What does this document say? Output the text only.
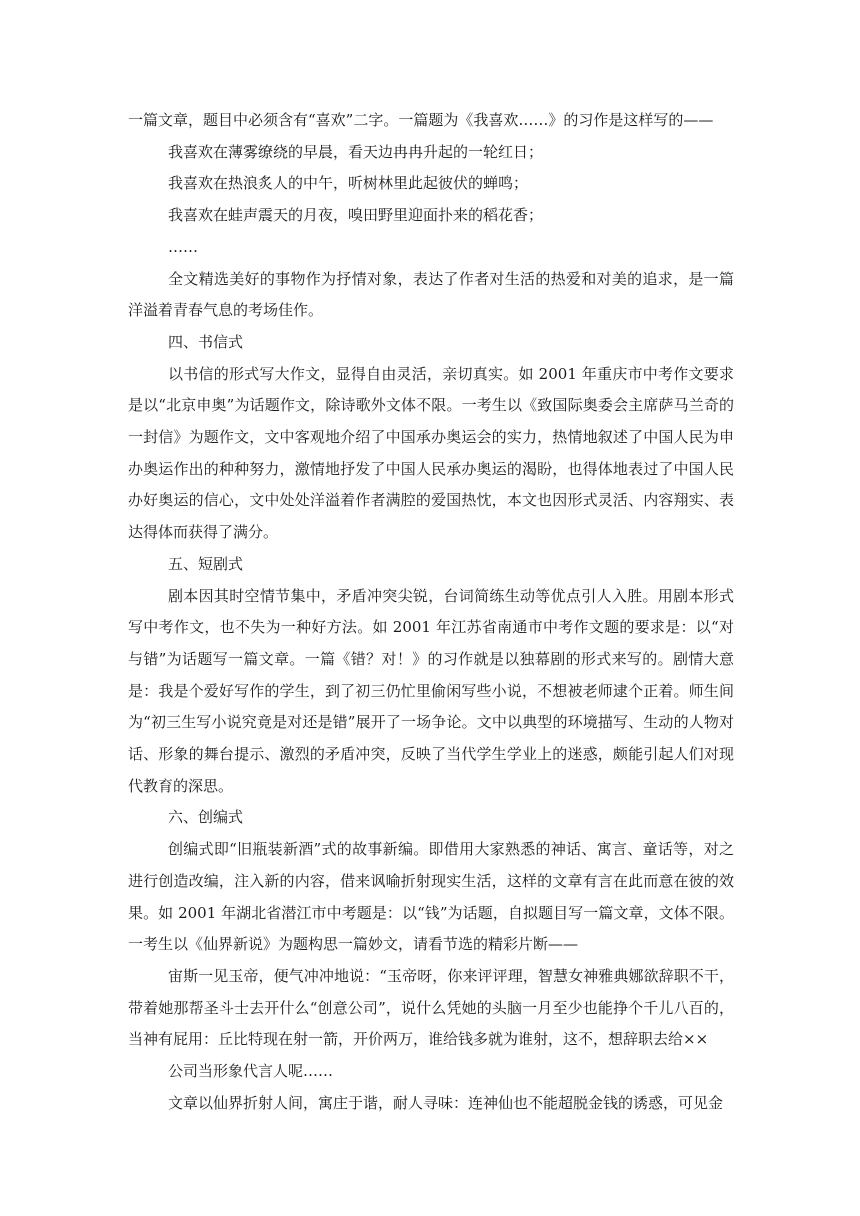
一篇文章，题目中必须含有“喜欢”二字。一篇题为《我喜欢……》的习作是这样写的——

我喜欢在薄雾缭绕的早晨，看天边冉冉升起的一轮红日；

我喜欢在热浪炙人的中午，听树林里此起彼伏的蝉鸣；

我喜欢在蛙声震天的月夜，嗅田野里迎面扑来的稻花香；

……

全文精选美好的事物作为抒情对象，表达了作者对生活的热爱和对美的追求，是一篇洋溢着青春气息的考场佳作。

四、书信式

以书信的形式写大作文，显得自由灵活，亲切真实。如 2001 年重庆市中考作文要求是以“北京申奥”为话题作文，除诗歌外文体不限。一考生以《致国际奥委会主席萨马兰奇的一封信》为题作文，文中客观地介绍了中国承办奥运会的实力，热情地叙述了中国人民为申办奥运作出的种种努力，激情地抒发了中国人民承办奥运的渴盼，也得体地表过了中国人民办好奥运的信心，文中处处洋溢着作者满腔的爱国热忱，本文也因形式灵活、内容翔实、表达得体而获得了满分。

五、短剧式

剧本因其时空情节集中，矛盾冲突尖锐，台词简练生动等优点引人入胜。用剧本形式写中考作文，也不失为一种好方法。如 2001 年江苏省南通市中考作文题的要求是：以“对与错”为话题写一篇文章。一篇《错？对！》的习作就是以独幕剧的形式来写的。剧情大意是：我是个爱好写作的学生，到了初三仍忙里偷闲写些小说，不想被老师逮个正着。师生间为“初三生写小说究竟是对还是错”展开了一场争论。文中以典型的环境描写、生动的人物对话、形象的舞台提示、激烈的矛盾冲突，反映了当代学生学业上的迷惑，颇能引起人们对现代教育的深思。

六、创编式

创编式即“旧瓶装新酒”式的故事新编。即借用大家熟悉的神话、寓言、童话等，对之进行创造改编，注入新的内容，借来讽喻折射现实生活，这样的文章有言在此而意在彼的效果。如 2001 年湖北省潜江市中考题是：以“钱”为话题，自拟题目写一篇文章，文体不限。一考生以《仙界新说》为题构思一篇妙文，请看节选的精彩片断——

宙斯一见玉帝，便气冲冲地说：“玉帝呀，你来评评理，智慧女神雅典娜欲辞职不干，带着她那帮圣斗士去开什么“创意公司”，说什么凭她的头脑一月至少也能挣个千儿八百的，当神有屁用：丘比特现在射一箭，开价两万，谁给钱多就为谁射，这不，想辞职去给××

公司当形象代言人呢……

文章以仙界折射人间，寓庄于谐，耐人寻味：连神仙也不能超脱金钱的诱惑，可见金
